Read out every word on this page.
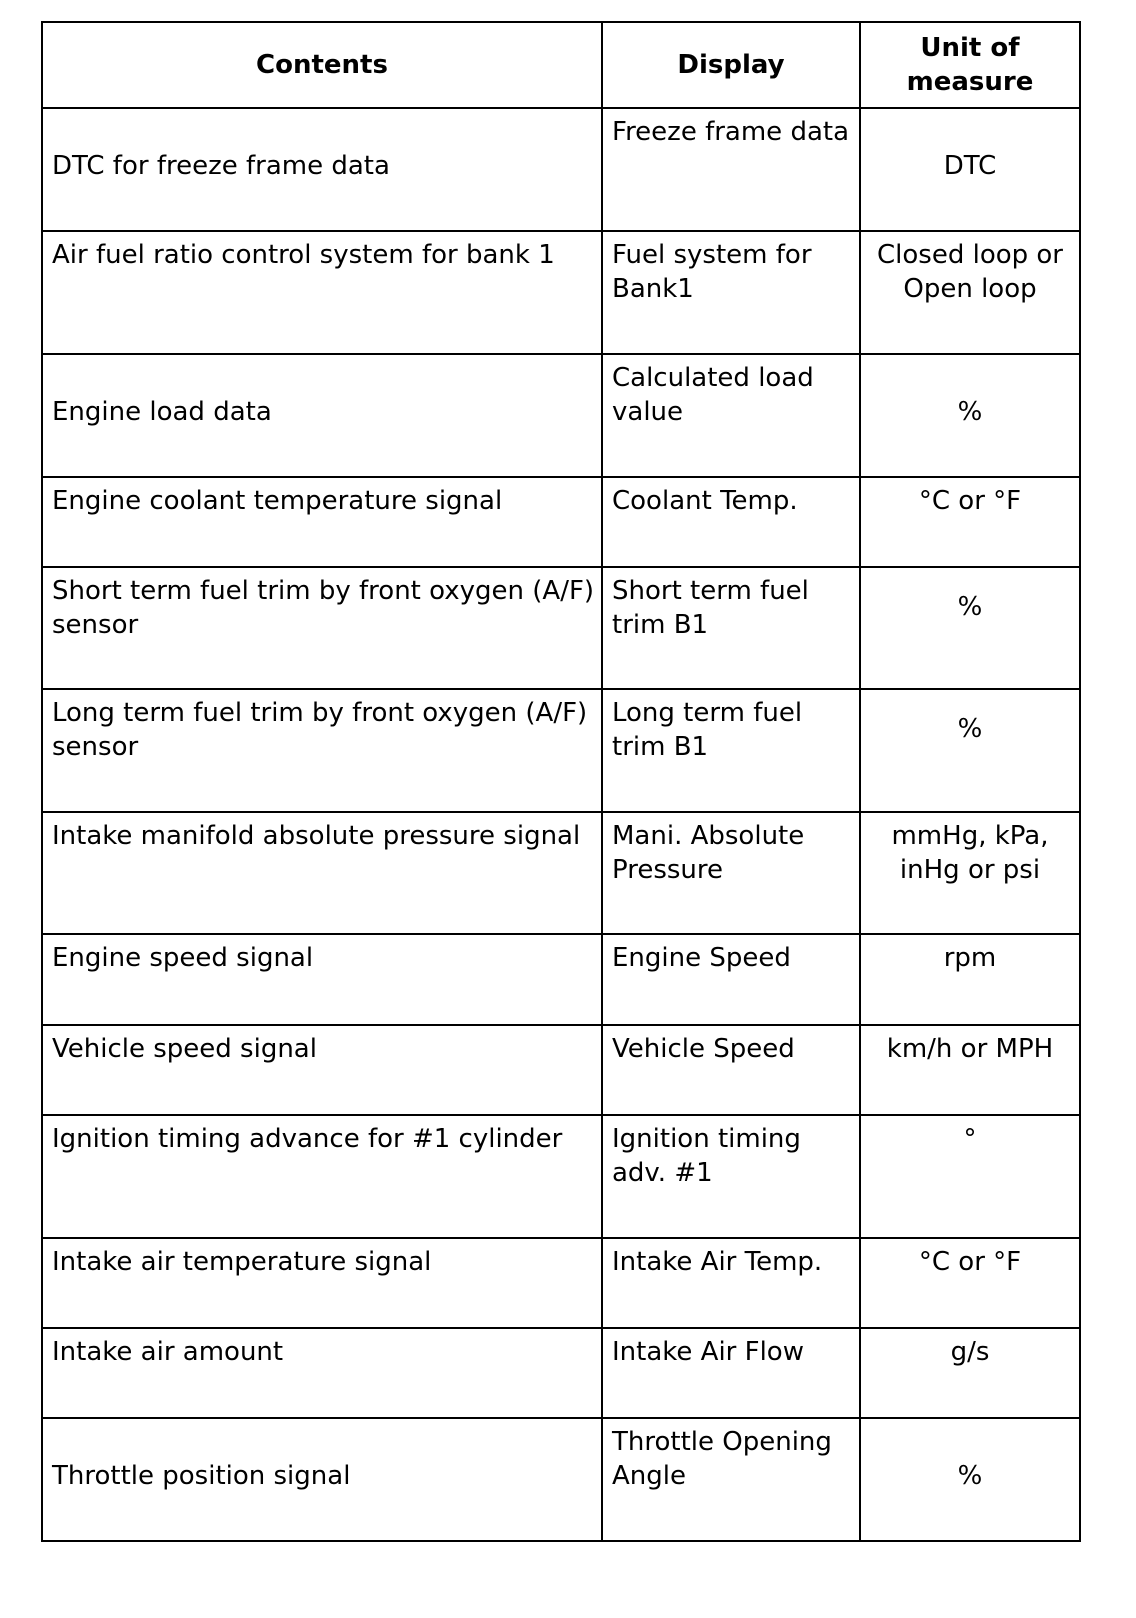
Contents	Display	Unit of measure
DTC for freeze frame data	Freeze frame data	DTC
Air fuel ratio control system for bank 1	Fuel system for Bank1	Closed loop or Open loop
Engine load data	Calculated load value	%
Engine coolant temperature signal	Coolant Temp.	°C or °F
Short term fuel trim by front oxygen (A/F) sensor	Short term fuel trim B1	%
Long term fuel trim by front oxygen (A/F) sensor	Long term fuel trim B1	%
Intake manifold absolute pressure signal	Mani. Absolute Pressure	mmHg, kPa, inHg or psi
Engine speed signal	Engine Speed	rpm
Vehicle speed signal	Vehicle Speed	km/h or MPH
Ignition timing advance for #1 cylinder	Ignition timing adv. #1	°
Intake air temperature signal	Intake Air Temp.	°C or °F
Intake air amount	Intake Air Flow	g/s
Throttle position signal	Throttle Opening Angle	%
